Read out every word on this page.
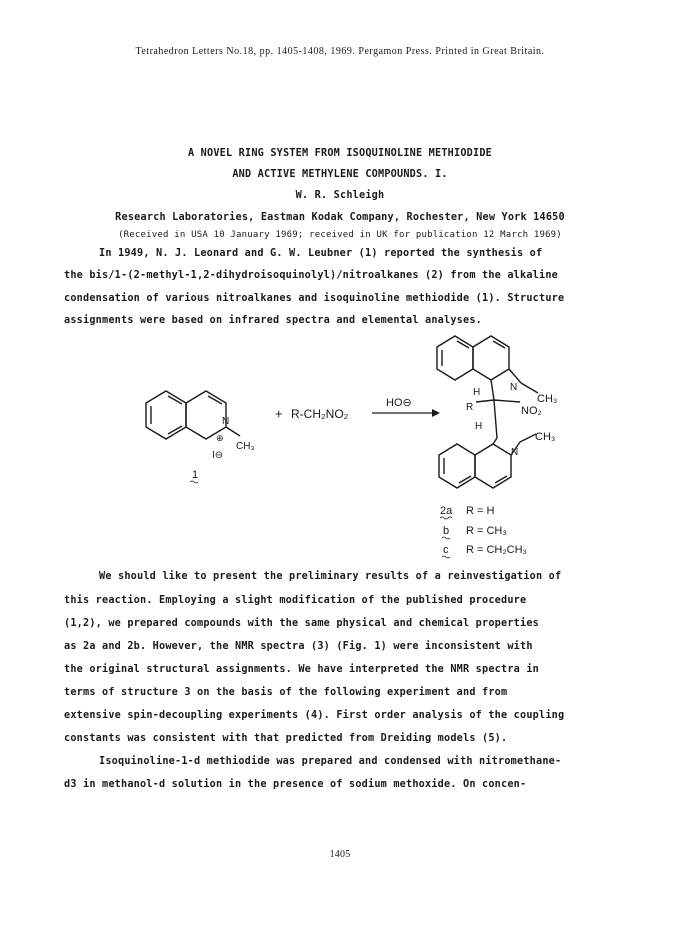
Tetrahedron Letters No.18, pp. 1405-1408, 1969. Pergamon Press. Printed in Great Britain.
A NOVEL RING SYSTEM FROM ISOQUINOLINE METHIODIDE
AND ACTIVE METHYLENE COMPOUNDS. I.
W. R. Schleigh
Research Laboratories, Eastman Kodak Company, Rochester, New York 14650
(Received in USA 10 January 1969; received in UK for publication 12 March 1969)
In 1949, N. J. Leonard and G. W. Leubner (1) reported the synthesis of
the bis/1-(2-methyl-1,2-dihydroisoquinolyl)/nitroalkanes (2) from the alkaline
condensation of various nitroalkanes and isoquinoline methiodide (1). Structure
assignments were based on infrared spectra and elemental analyses.
N
⊕
CH₃
I⊖
1
+ R-CH₂NO₂
HO⊖
H
R	NO₂
H
N
CH₃
N
CH₃
2a R = H
b R = CH₃
c R = CH₂CH₃
We should like to present the preliminary results of a reinvestigation of
this reaction. Employing a slight modification of the published procedure
(1,2), we prepared compounds with the same physical and chemical properties
as 2a and 2b. However, the NMR spectra (3) (Fig. 1) were inconsistent with
the original structural assignments. We have interpreted the NMR spectra in
terms of structure 3 on the basis of the following experiment and from
extensive spin-decoupling experiments (4). First order analysis of the coupling
constants was consistent with that predicted from Dreiding models (5).
Isoquinoline-1-d methiodide was prepared and condensed with nitromethane-
d3 in methanol-d solution in the presence of sodium methoxide. On concen-
1405
